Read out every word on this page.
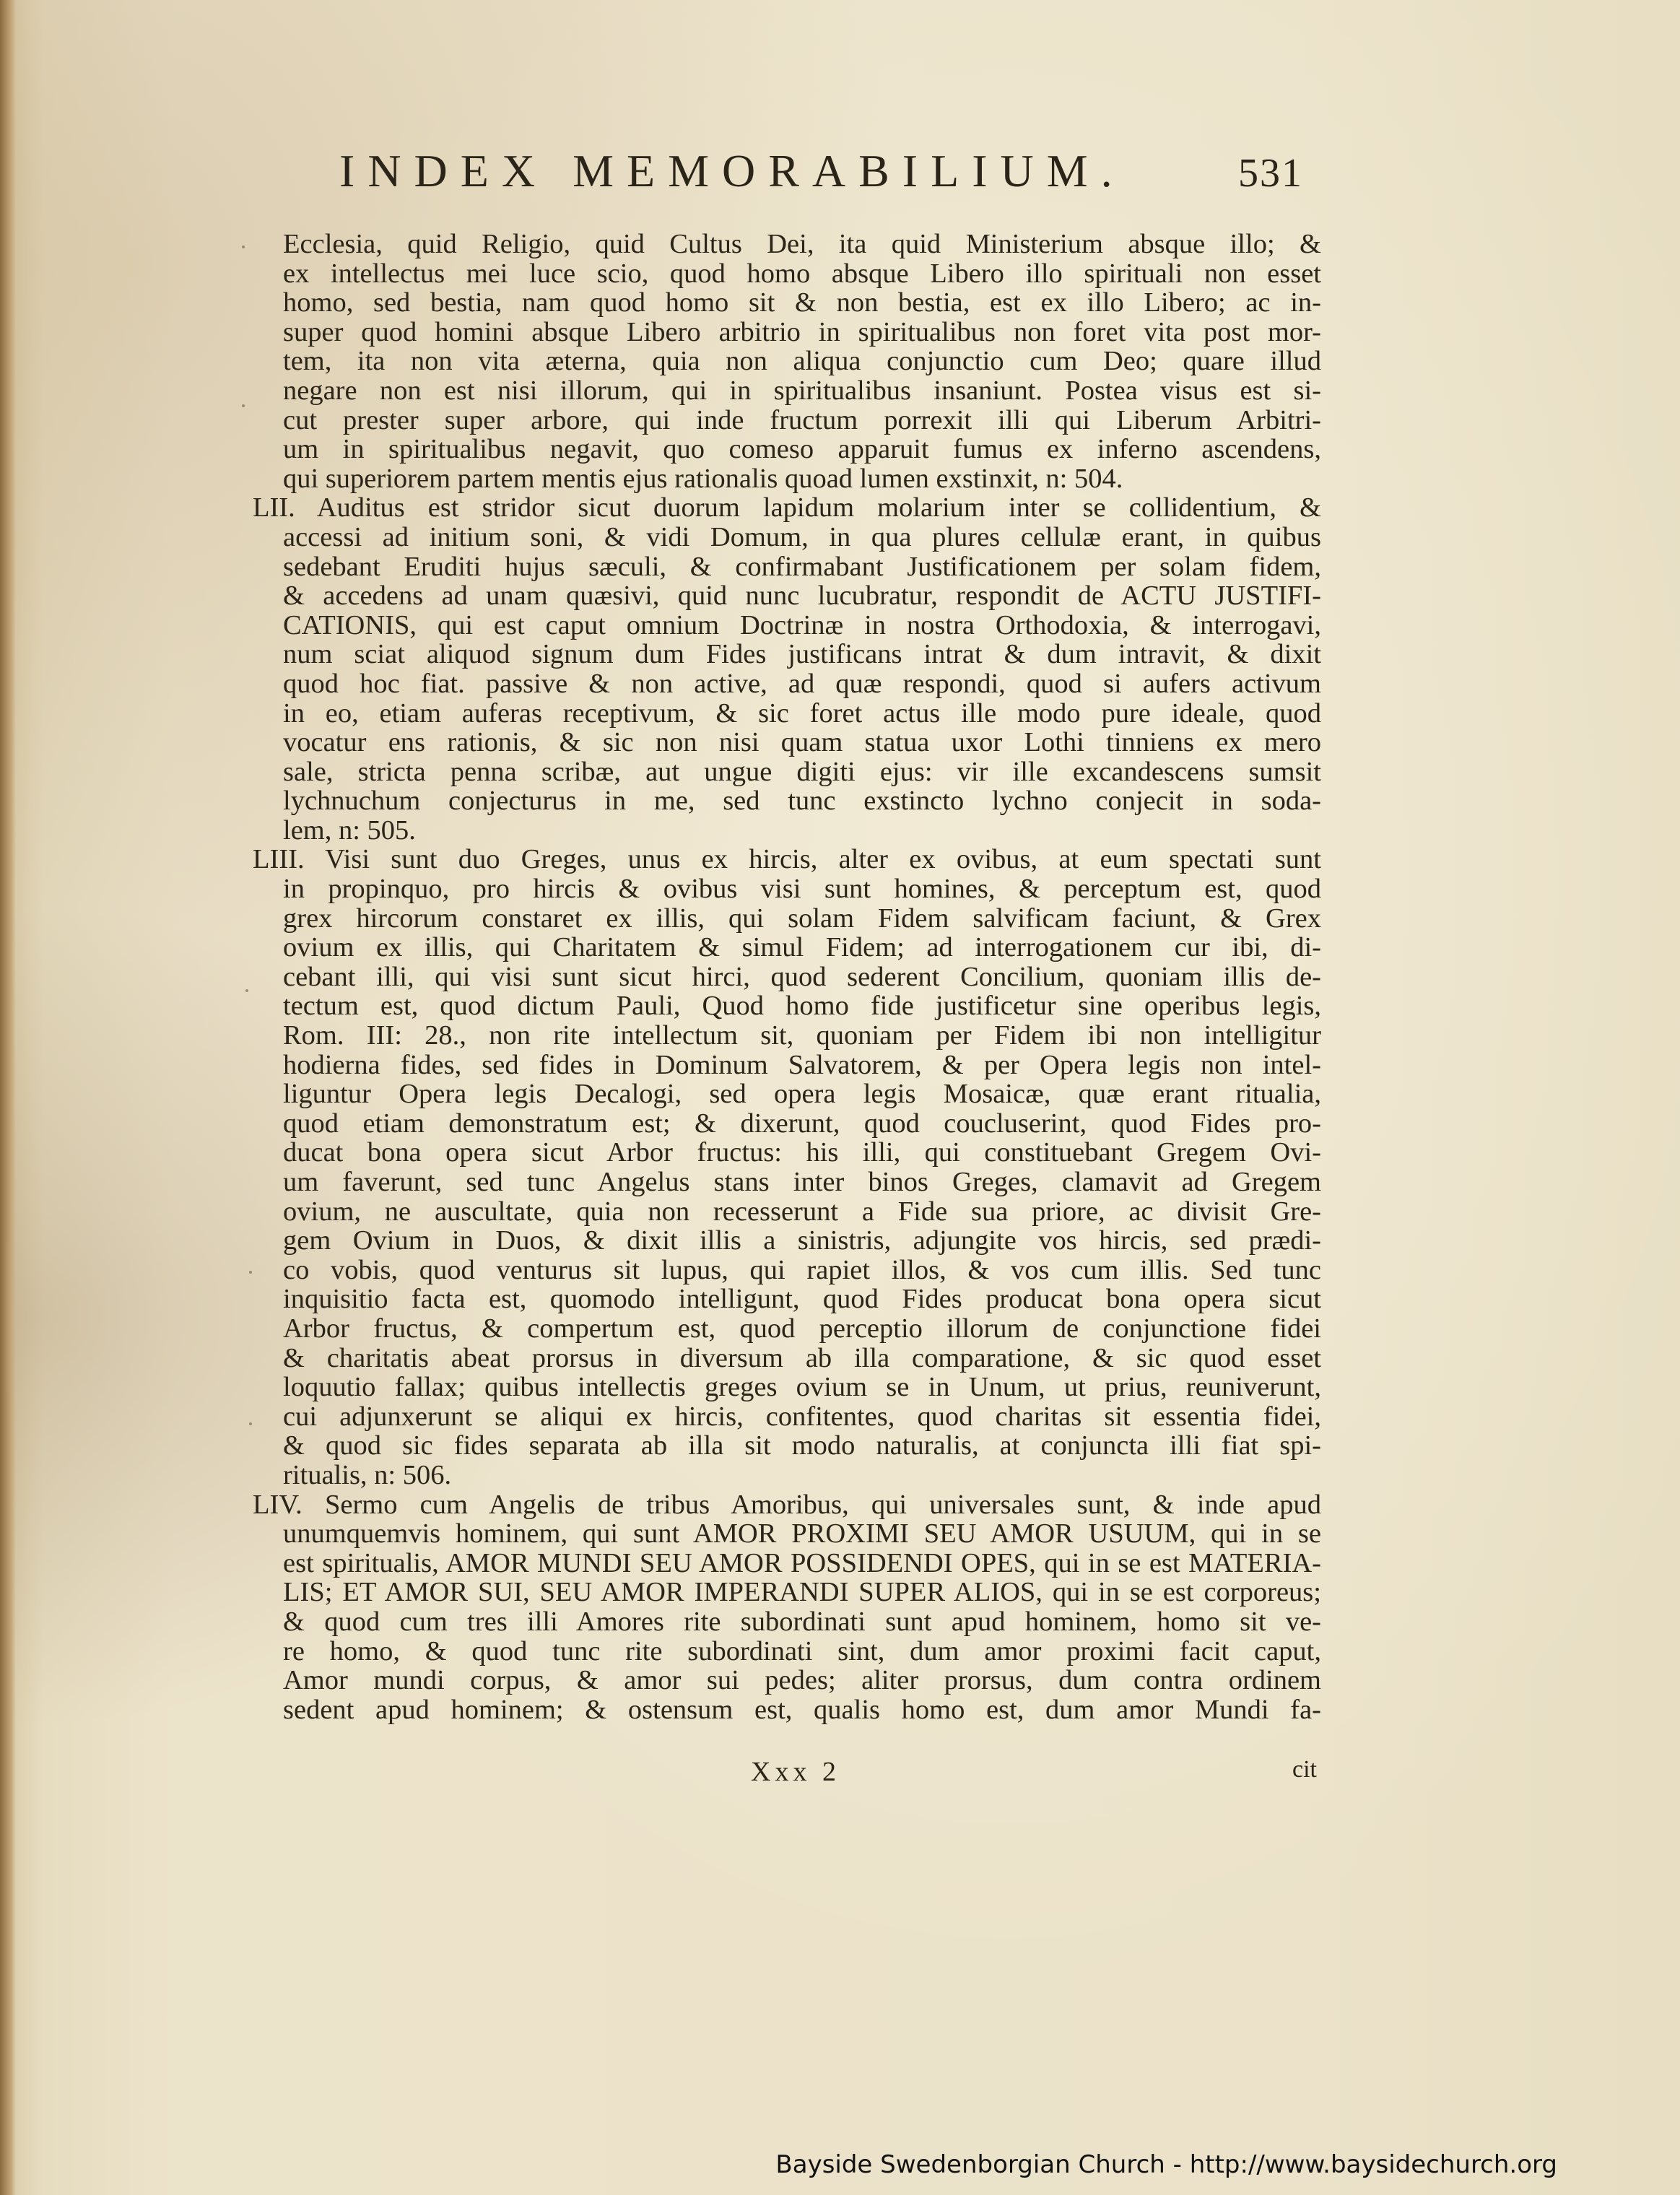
INDEX MEMORABILIUM.	531
Ecclesia, quid Religio, quid Cultus Dei, ita quid Ministerium absque illo; &
ex intellectus mei luce scio, quod homo absque Libero illo spirituali non esset
homo, sed bestia, nam quod homo sit & non bestia, est ex illo Libero; ac in-
super quod homini absque Libero arbitrio in spiritualibus non foret vita post mor-
tem, ita non vita æterna, quia non aliqua conjunctio cum Deo; quare illud
negare non est nisi illorum, qui in spiritualibus insaniunt. Postea visus est si-
cut prester super arbore, qui inde fructum porrexit illi qui Liberum Arbitri-
um in spiritualibus negavit, quo comeso apparuit fumus ex inferno ascendens,
qui superiorem partem mentis ejus rationalis quoad lumen exstinxit, n: 504.
LII. Auditus est stridor sicut duorum lapidum molarium inter se collidentium, &
accessi ad initium soni, & vidi Domum, in qua plures cellulæ erant, in quibus
sedebant Eruditi hujus sæculi, & confirmabant Justificationem per solam fidem,
& accedens ad unam quæsivi, quid nunc lucubratur, respondit de ACTU JUSTIFI-
CATIONIS, qui est caput omnium Doctrinæ in nostra Orthodoxia, & interrogavi,
num sciat aliquod signum dum Fides justificans intrat & dum intravit, & dixit
quod hoc fiat. passive & non active, ad quæ respondi, quod si aufers activum
in eo, etiam auferas receptivum, & sic foret actus ille modo pure ideale, quod
vocatur ens rationis, & sic non nisi quam statua uxor Lothi tinniens ex mero
sale, stricta penna scribæ, aut ungue digiti ejus: vir ille excandescens sumsit
lychnuchum conjecturus in me, sed tunc exstincto lychno conjecit in soda-
lem, n: 505.
LIII. Visi sunt duo Greges, unus ex hircis, alter ex ovibus, at eum spectati sunt
in propinquo, pro hircis & ovibus visi sunt homines, & perceptum est, quod
grex hircorum constaret ex illis, qui solam Fidem salvificam faciunt, & Grex
ovium ex illis, qui Charitatem & simul Fidem; ad interrogationem cur ibi, di-
cebant illi, qui visi sunt sicut hirci, quod sederent Concilium, quoniam illis de-
tectum est, quod dictum Pauli, Quod homo fide justificetur sine operibus legis,
Rom. III: 28., non rite intellectum sit, quoniam per Fidem ibi non intelligitur
hodierna fides, sed fides in Dominum Salvatorem, & per Opera legis non intel-
liguntur Opera legis Decalogi, sed opera legis Mosaicæ, quæ erant ritualia,
quod etiam demonstratum est; & dixerunt, quod coucluserint, quod Fides pro-
ducat bona opera sicut Arbor fructus: his illi, qui constituebant Gregem Ovi-
um faverunt, sed tunc Angelus stans inter binos Greges, clamavit ad Gregem
ovium, ne auscultate, quia non recesserunt a Fide sua priore, ac divisit Gre-
gem Ovium in Duos, & dixit illis a sinistris, adjungite vos hircis, sed prædi-
co vobis, quod venturus sit lupus, qui rapiet illos, & vos cum illis. Sed tunc
inquisitio facta est, quomodo intelligunt, quod Fides producat bona opera sicut
Arbor fructus, & compertum est, quod perceptio illorum de conjunctione fidei
& charitatis abeat prorsus in diversum ab illa comparatione, & sic quod esset
loquutio fallax; quibus intellectis greges ovium se in Unum, ut prius, reuniverunt,
cui adjunxerunt se aliqui ex hircis, confitentes, quod charitas sit essentia fidei,
& quod sic fides separata ab illa sit modo naturalis, at conjuncta illi fiat spi-
ritualis, n: 506.
LIV. Sermo cum Angelis de tribus Amoribus, qui universales sunt, & inde apud
unumquemvis hominem, qui sunt AMOR PROXIMI SEU AMOR USUUM, qui in se
est spiritualis, AMOR MUNDI SEU AMOR POSSIDENDI OPES, qui in se est MATERIA-
LIS; ET AMOR SUI, SEU AMOR IMPERANDI SUPER ALIOS, qui in se est corporeus;
& quod cum tres illi Amores rite subordinati sunt apud hominem, homo sit ve-
re homo, & quod tunc rite subordinati sint, dum amor proximi facit caput,
Amor mundi corpus, & amor sui pedes; aliter prorsus, dum contra ordinem
sedent apud hominem; & ostensum est, qualis homo est, dum amor Mundi fa-
Xxx 2	cit
Bayside Swedenborgian Church - http://www.baysidechurch.org
